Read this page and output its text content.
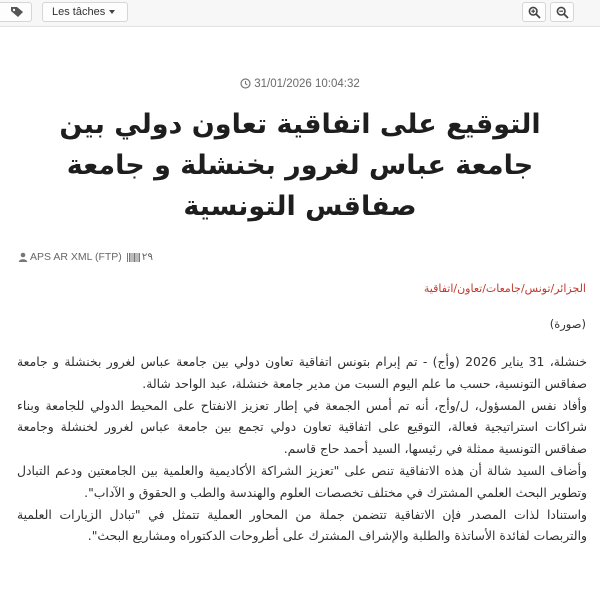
Les tâches
31/01/2026 10:04:32
التوقيع على اتفاقية تعاون دولي بين جامعة عباس لغرور بخنشلة و جامعة صفاقس التونسية
APS AR XML (FTP) ٢٩
الجزائر/تونس/جامعات/تعاون/اتفاقية
(صورة)

خنشلة، 31 يناير 2026 (وأج) - تم إبرام بتونس اتفاقية تعاون دولي بين جامعة عباس لغرور بخنشلة و جامعة صفاقس التونسية، حسب ما علم اليوم السبت من مدير جامعة خنشلة، عبد الواحد شالة.

وأفاد نفس المسؤول، ل/وأج، أنه تم أمس الجمعة في إطار تعزيز الانفتاح على المحيط الدولي للجامعة وبناء شراكات استراتيجية فعالة، التوقيع على اتفاقية تعاون دولي تجمع بين جامعة عباس لغرور لخنشلة وجامعة صفاقس التونسية ممثلة في رئيسها، السيد أحمد حاج قاسم.

وأضاف السيد شالة أن هذه الاتفاقية تنص على "تعزيز الشراكة الأكاديمية والعلمية بين الجامعتين ودعم التبادل وتطوير البحث العلمي المشترك في مختلف تخصصات العلوم والهندسة والطب و الحقوق و الآداب".

واستنادا لذات المصدر فإن الاتفاقية تتضمن جملة من المحاور العملية تتمثل في "تبادل الزيارات العلمية والتربصات لفائدة الأساتذة والطلبة والإشراف المشترك على أطروحات الدكتوراه ومشاريع البحث".
